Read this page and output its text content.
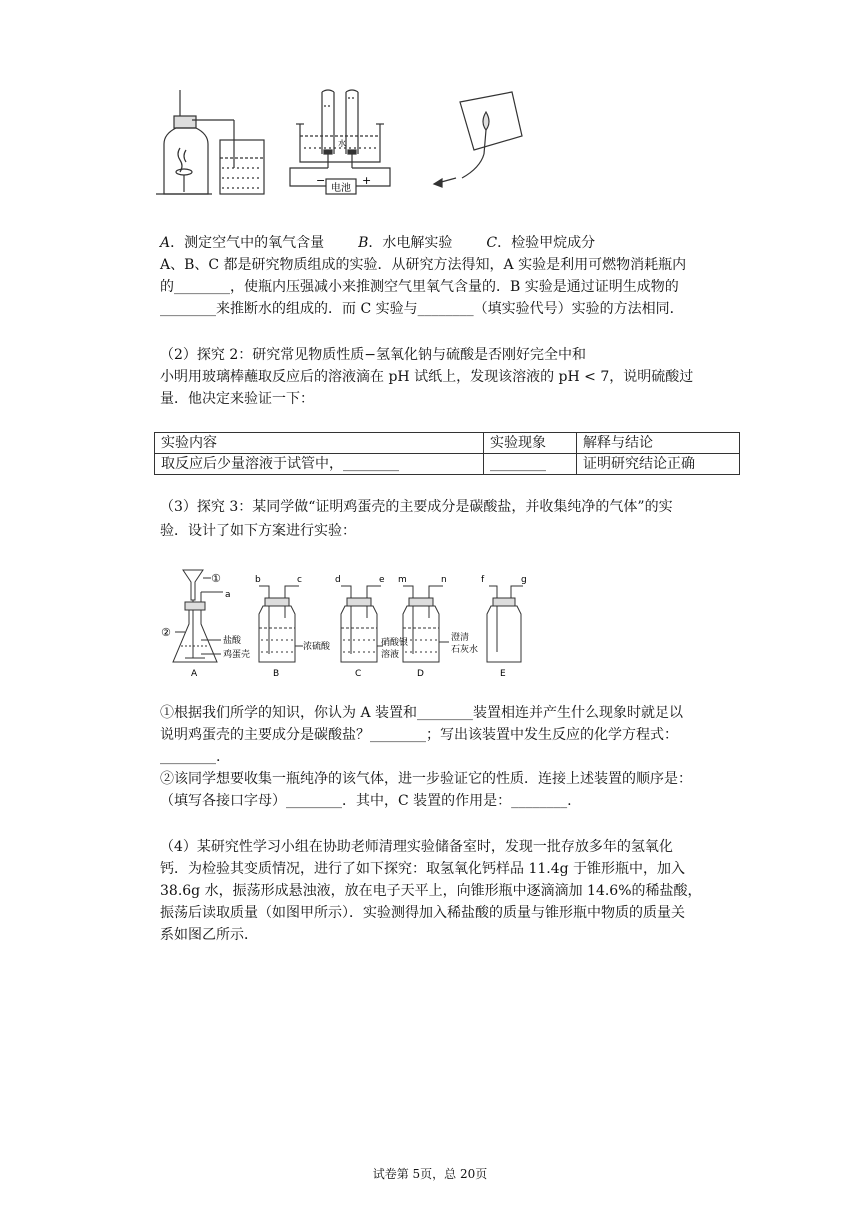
电池
−	+
水
A．测定空气中的氧气含量 B．水电解实验 C．检验甲烷成分
A、B、C 都是研究物质组成的实验．从研究方法得知，A 实验是利用可燃物消耗瓶内
的________，使瓶内压强减小来推测空气里氧气含量的．B 实验是通过证明生成物的
________来推断水的组成的．而 C 实验与________（填实验代号）实验的方法相同．
（2）探究 2：研究常见物质性质−氢氧化钠与硫酸是否刚好完全中和
小明用玻璃棒蘸取反应后的溶液滴在 pH 试纸上，发现该溶液的 pH < 7，说明硫酸过
量．他决定来验证一下：
实验内容	实验现象	解释与结论
取反应后少量溶液于试管中，________	________	证明研究结论正确
（3）探究 3：某同学做“证明鸡蛋壳的主要成分是碳酸盐，并收集纯净的气体”的实
验．设计了如下方案进行实验：
a
b	c	d	e m	n	f	g
①
②
盐酸
鸡蛋壳
浓硫酸	硝酸银
溶液
澄清
石灰水
A	B	C	D	E
①根据我们所学的知识，你认为 A 装置和________装置相连并产生什么现象时就足以
说明鸡蛋壳的主要成分是碳酸盐？________；写出该装置中发生反应的化学方程式：
________.
②该同学想要收集一瓶纯净的该气体，进一步验证它的性质．连接上述装置的顺序是：
（填写各接口字母）________．其中，C 装置的作用是：________.
（4）某研究性学习小组在协助老师清理实验储备室时，发现一批存放多年的氢氧化
钙．为检验其变质情况，进行了如下探究：取氢氧化钙样品 11.4g 于锥形瓶中，加入
38.6g 水，振荡形成悬浊液，放在电子天平上，向锥形瓶中逐滴滴加 14.6%的稀盐酸，
振荡后读取质量（如图甲所示）．实验测得加入稀盐酸的质量与锥形瓶中物质的质量关
系如图乙所示．
试卷第 5页，总 20页
